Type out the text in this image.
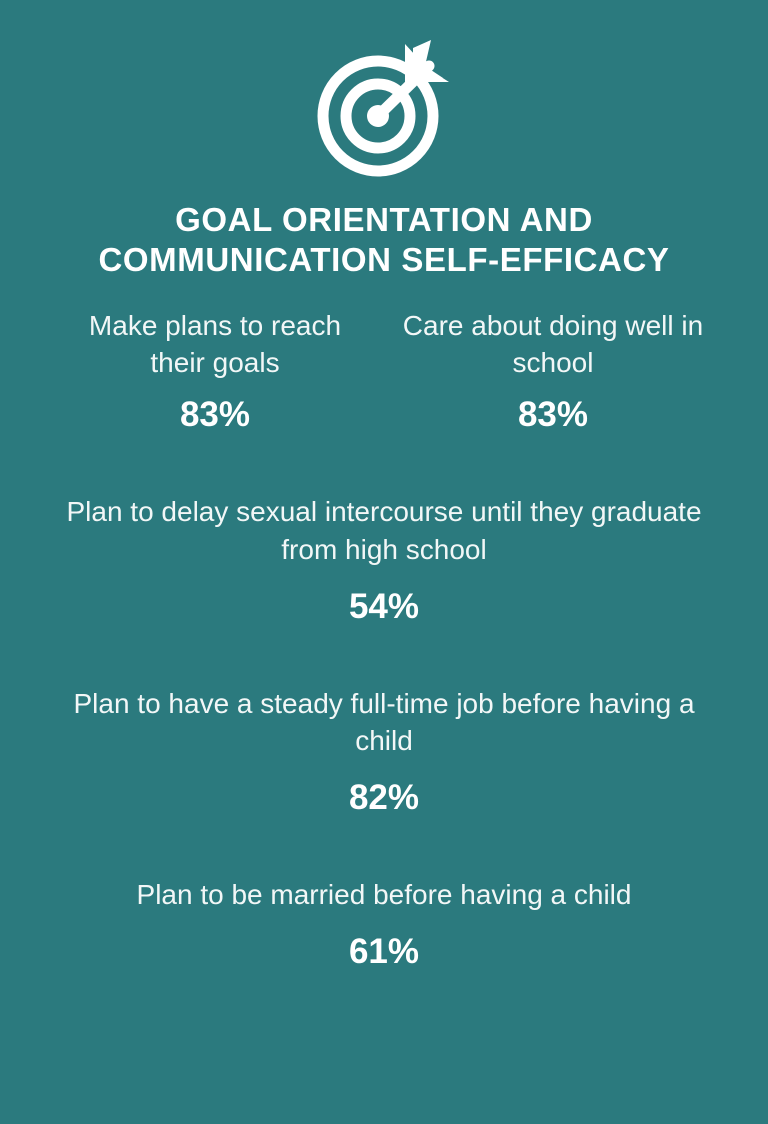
GOAL ORIENTATION AND COMMUNICATION SELF-EFFICACY
Make plans to reach their goals
83%
Care about doing well in school
83%
Plan to delay sexual intercourse until they graduate from high school
54%
Plan to have a steady full-time job before having a child
82%
Plan to be married before having a child
61%
